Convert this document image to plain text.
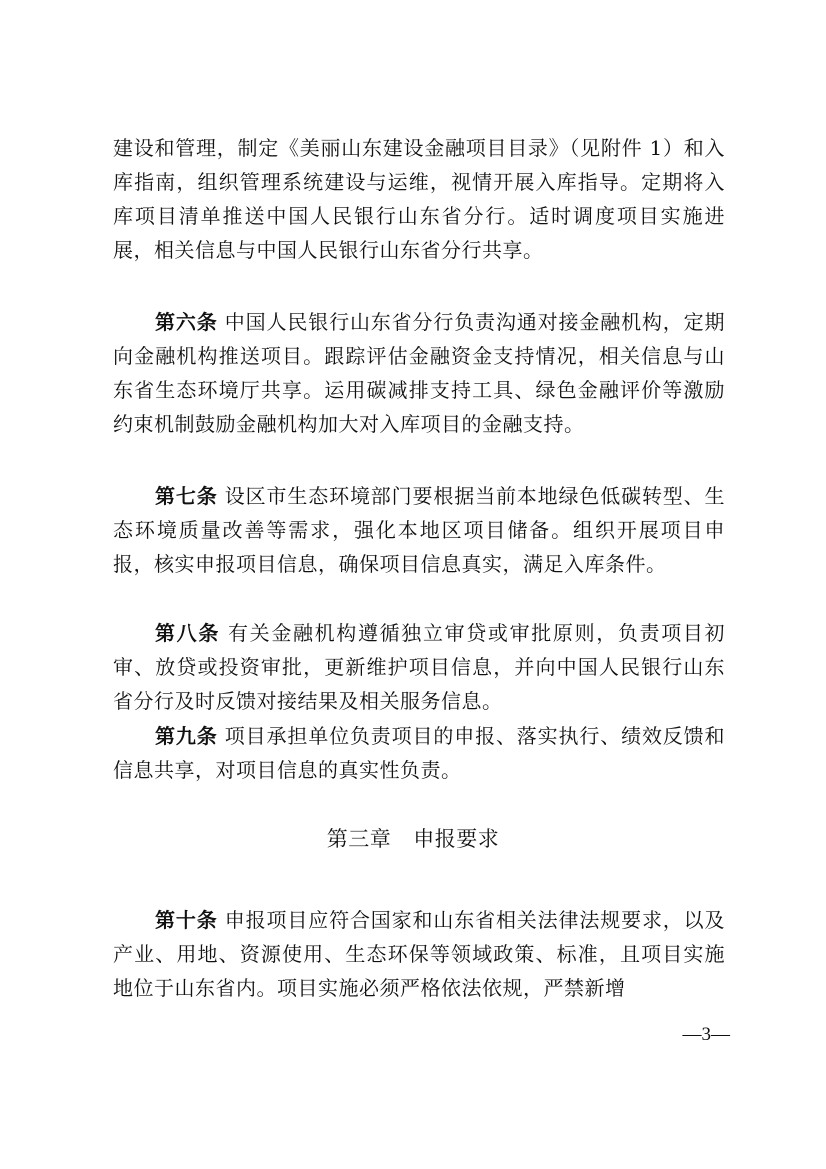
建设和管理，制定《美丽山东建设金融项目目录》（见附件 1）和入库指南，组织管理系统建设与运维，视情开展入库指导。定期将入库项目清单推送中国人民银行山东省分行。适时调度项目实施进展，相关信息与中国人民银行山东省分行共享。

第六条 中国人民银行山东省分行负责沟通对接金融机构，定期向金融机构推送项目。跟踪评估金融资金支持情况，相关信息与山东省生态环境厅共享。运用碳减排支持工具、绿色金融评价等激励约束机制鼓励金融机构加大对入库项目的金融支持。

第七条 设区市生态环境部门要根据当前本地绿色低碳转型、生态环境质量改善等需求，强化本地区项目储备。组织开展项目申报，核实申报项目信息，确保项目信息真实，满足入库条件。

第八条 有关金融机构遵循独立审贷或审批原则，负责项目初审、放贷或投资审批，更新维护项目信息，并向中国人民银行山东省分行及时反馈对接结果及相关服务信息。

第九条 项目承担单位负责项目的申报、落实执行、绩效反馈和信息共享，对项目信息的真实性负责。

第三章 申报要求

第十条 申报项目应符合国家和山东省相关法律法规要求，以及产业、用地、资源使用、生态环保等领域政策、标准，且项目实施地位于山东省内。项目实施必须严格依法依规，严禁新增

—3—
